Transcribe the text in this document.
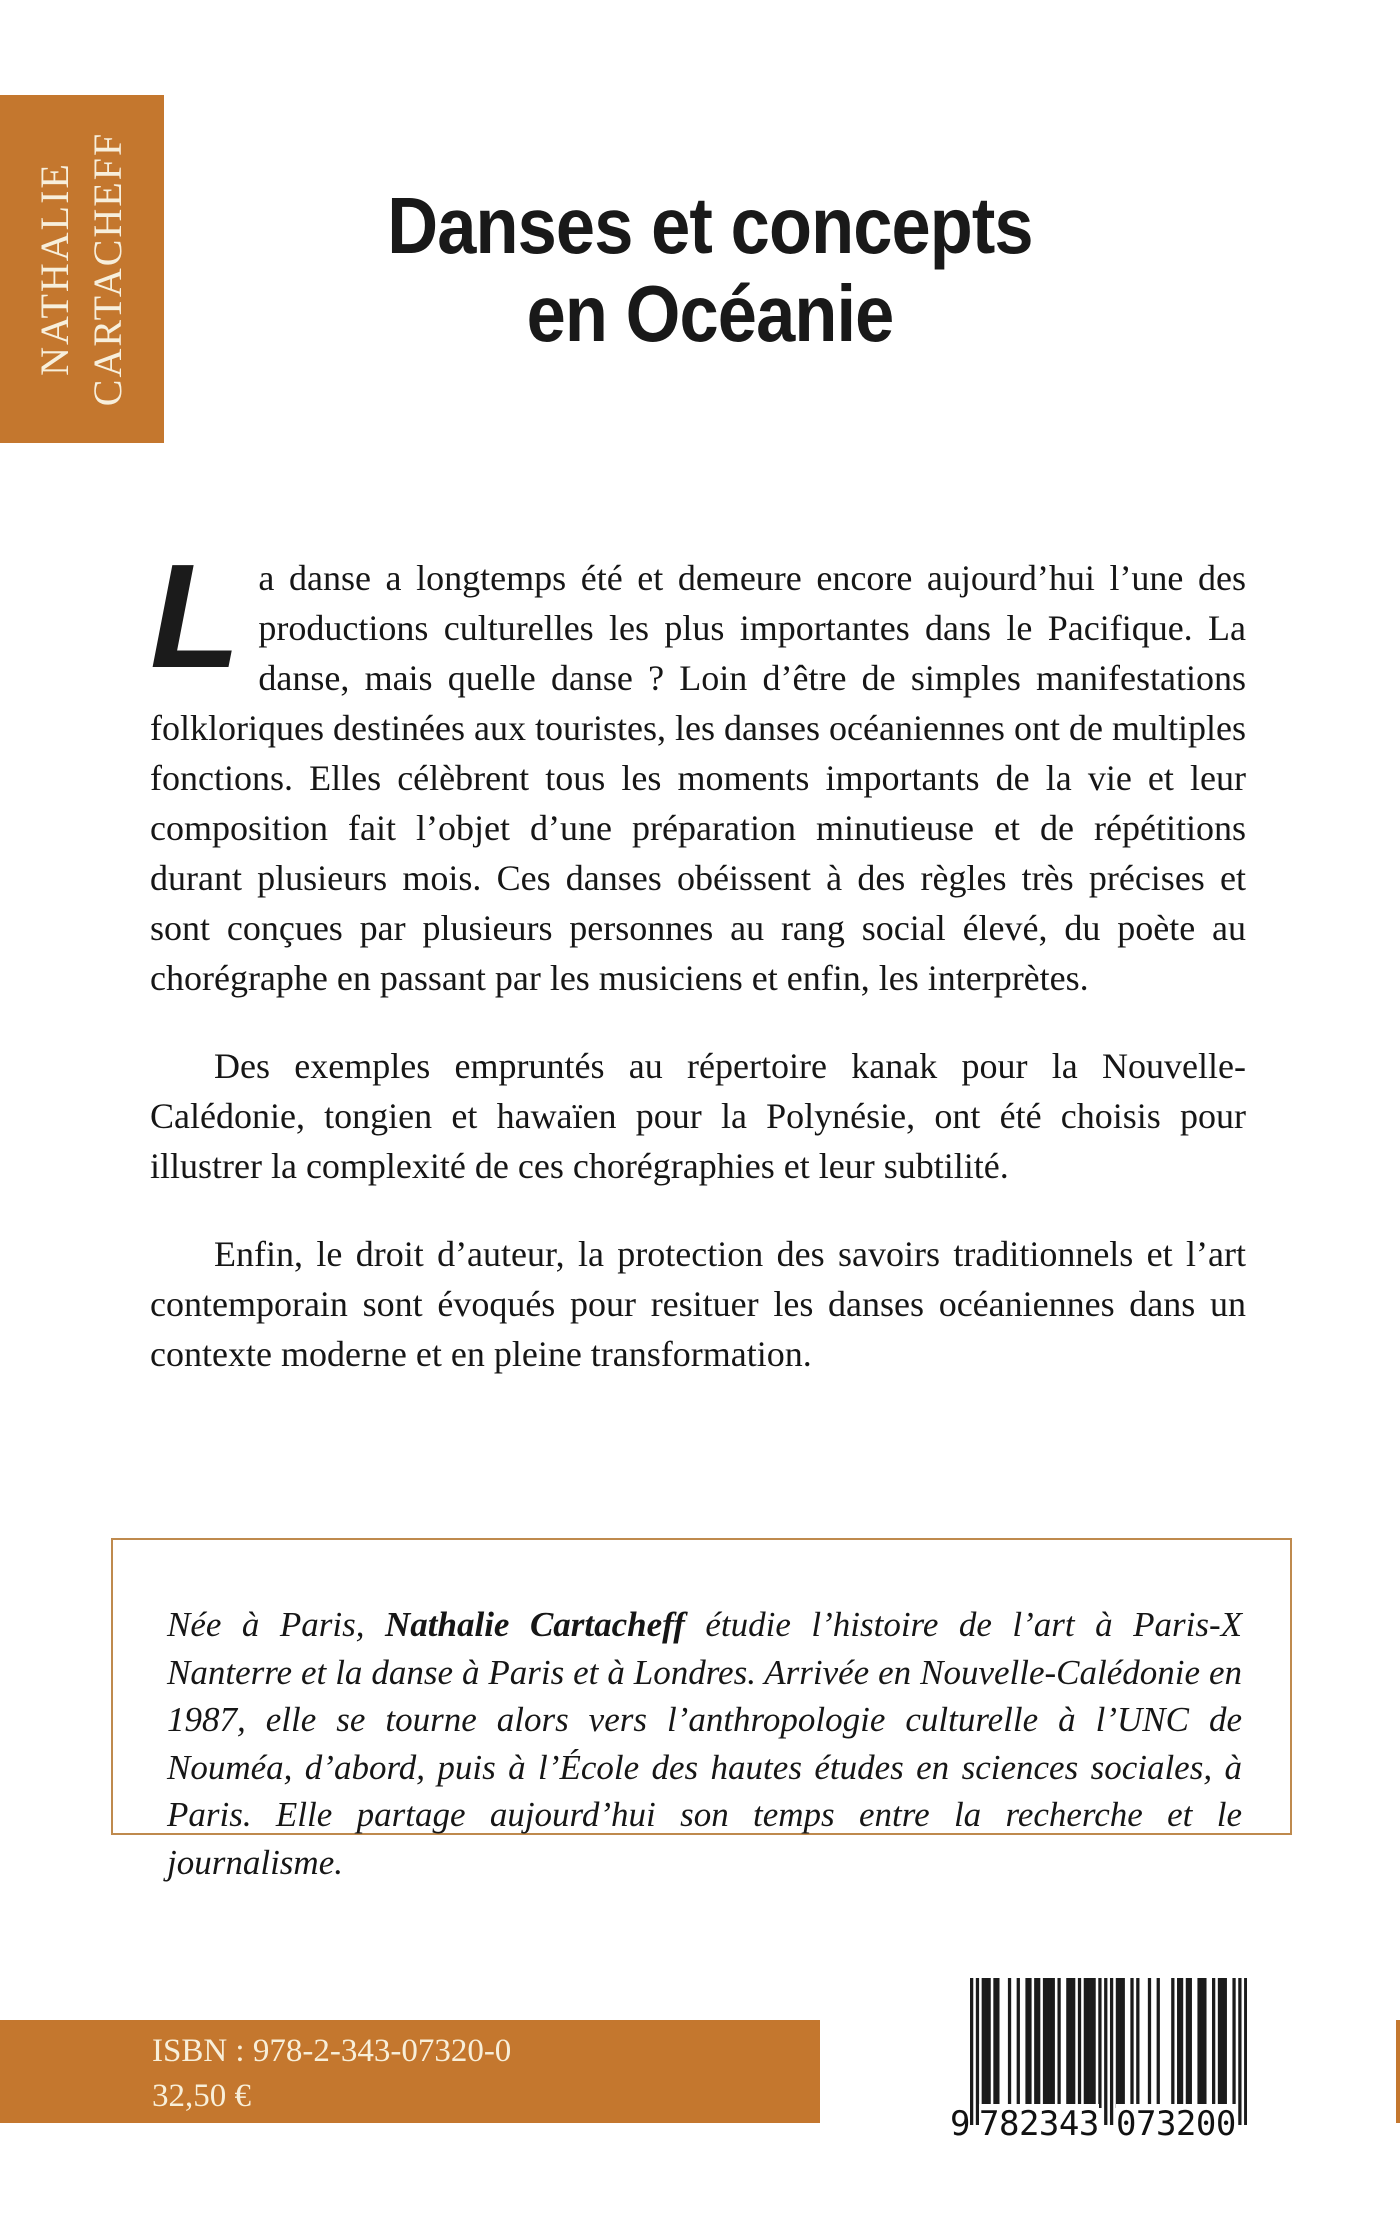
NATHALIE CARTACHEFF	Danses et concepts
en Océanie

La danse a longtemps été et demeure encore aujourd’hui l’une des productions culturelles les plus importantes dans le Pacifique. La danse, mais quelle danse ? Loin d’être de simples manifestations folkloriques destinées aux touristes, les danses océaniennes ont de multiples fonctions. Elles célèbrent tous les moments importants de la vie et leur composition fait l’objet d’une préparation minutieuse et de répétitions durant plusieurs mois. Ces danses obéissent à des règles très précises et sont conçues par plusieurs personnes au rang social élevé, du poète au chorégraphe en passant par les musiciens et enfin, les interprètes.

Des exemples empruntés au répertoire kanak pour la Nouvelle-Calédonie, tongien et hawaïen pour la Polynésie, ont été choisis pour illustrer la complexité de ces chorégraphies et leur subtilité.

Enfin, le droit d’auteur, la protection des savoirs traditionnels et l’art contemporain sont évoqués pour resituer les danses océaniennes dans un contexte moderne et en pleine transformation.

Née à Paris, Nathalie Cartacheff étudie l’histoire de l’art à Paris-X Nanterre et la danse à Paris et à Londres. Arrivée en Nouvelle-Calédonie en 1987, elle se tourne alors vers l’anthropologie culturelle à l’UNC de Nouméa, d’abord, puis à l’École des hautes études en sciences sociales, à Paris. Elle partage aujourd’hui son temps entre la recherche et le journalisme.

ISBN : 978-2-343-07320-0
32,50 €
9 782343 073200
